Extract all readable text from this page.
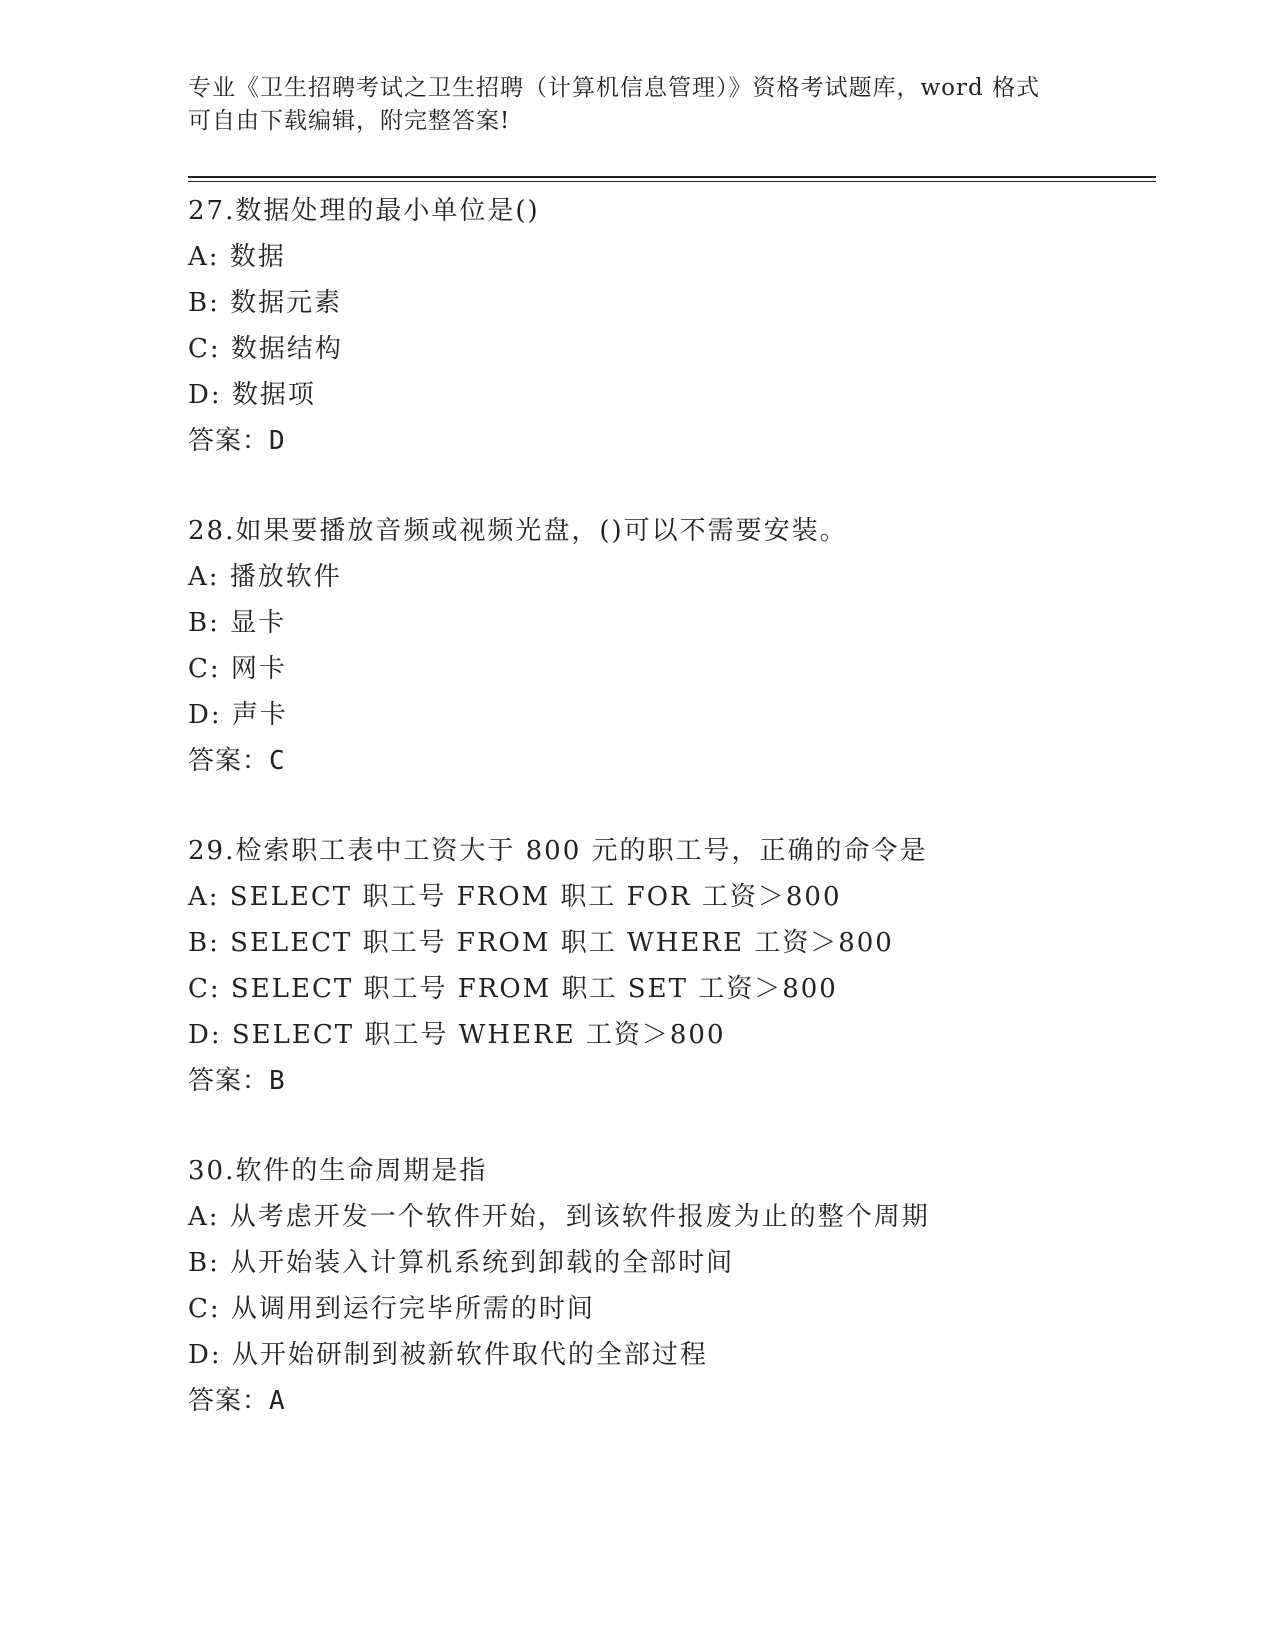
专业《卫生招聘考试之卫生招聘（计算机信息管理）》资格考试题库，word 格式
可自由下载编辑，附完整答案!
27.数据处理的最小单位是()
A: 数据
B: 数据元素
C: 数据结构
D: 数据项
答案：D
28.如果要播放音频或视频光盘，()可以不需要安装。
A: 播放软件
B: 显卡
C: 网卡
D: 声卡
答案：C
29.检索职工表中工资大于 800 元的职工号，正确的命令是
A: SELECT 职工号 FROM 职工 FOR 工资＞800
B: SELECT 职工号 FROM 职工 WHERE 工资＞800
C: SELECT 职工号 FROM 职工 SET 工资＞800
D: SELECT 职工号 WHERE 工资＞800
答案：B
30.软件的生命周期是指
A: 从考虑开发一个软件开始，到该软件报废为止的整个周期
B: 从开始装入计算机系统到卸载的全部时间
C: 从调用到运行完毕所需的时间
D: 从开始研制到被新软件取代的全部过程
答案：A
